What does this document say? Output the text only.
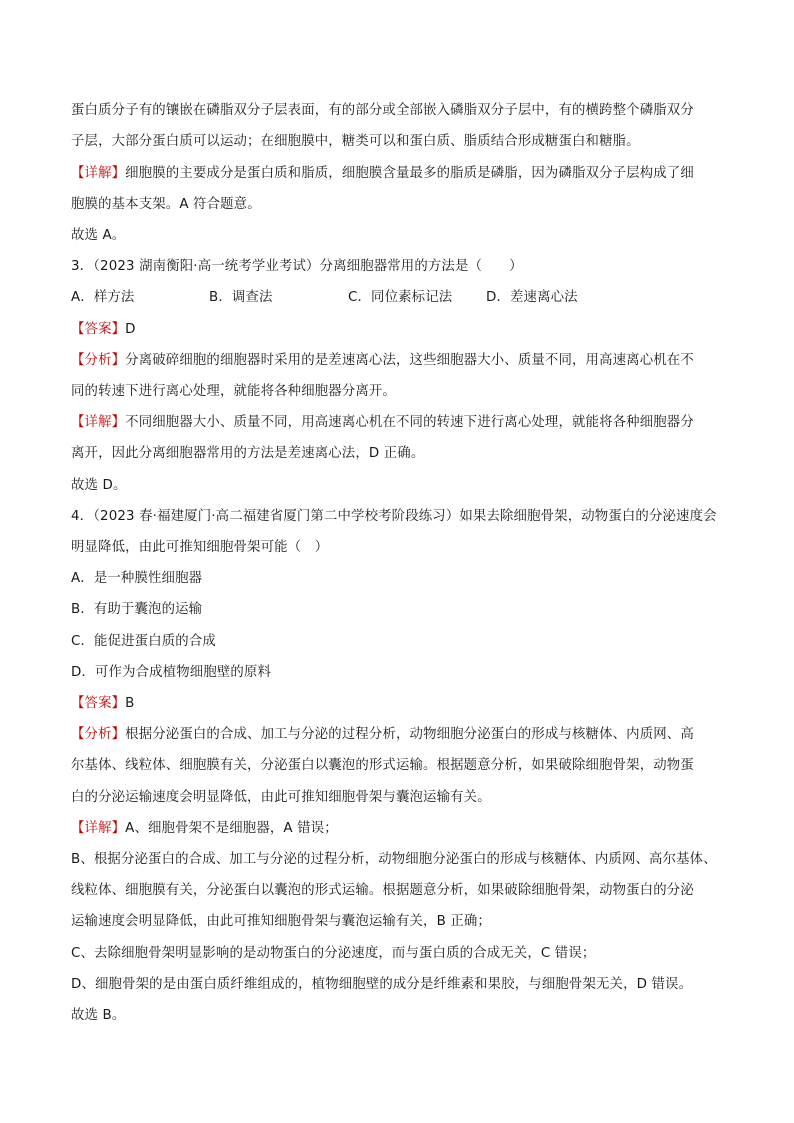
蛋白质分子有的镶嵌在磷脂双分子层表面，有的部分或全部嵌入磷脂双分子层中，有的横跨整个磷脂双分
子层，大部分蛋白质可以运动；在细胞膜中，糖类可以和蛋白质、脂质结合形成糖蛋白和糖脂。
【详解】细胞膜的主要成分是蛋白质和脂质，细胞膜含量最多的脂质是磷脂，因为磷脂双分子层构成了细
胞膜的基本支架。A 符合题意。
故选 A。
3．（2023 湖南衡阳·高一统考学业考试）分离细胞器常用的方法是（　　）
A．样方法	B．调查法	C．同位素标记法	D．差速离心法
【答案】D
【分析】分离破碎细胞的细胞器时采用的是差速离心法，这些细胞器大小、质量不同，用高速离心机在不
同的转速下进行离心处理，就能将各种细胞器分离开。
【详解】不同细胞器大小、质量不同，用高速离心机在不同的转速下进行离心处理，就能将各种细胞器分
离开，因此分离细胞器常用的方法是差速离心法，D 正确。
故选 D。
4．（2023 春·福建厦门·高二福建省厦门第二中学校考阶段练习）如果去除细胞骨架，动物蛋白的分泌速度会
明显降低，由此可推知细胞骨架可能（　）
A．是一种膜性细胞器
B．有助于囊泡的运输
C．能促进蛋白质的合成
D．可作为合成植物细胞壁的原料
【答案】B
【分析】根据分泌蛋白的合成、加工与分泌的过程分析，动物细胞分泌蛋白的形成与核糖体、内质网、高
尔基体、线粒体、细胞膜有关，分泌蛋白以囊泡的形式运输。根据题意分析，如果破除细胞骨架，动物蛋
白的分泌运输速度会明显降低，由此可推知细胞骨架与囊泡运输有关。
【详解】A、细胞骨架不是细胞器，A 错误；
B、根据分泌蛋白的合成、加工与分泌的过程分析，动物细胞分泌蛋白的形成与核糖体、内质网、高尔基体、
线粒体、细胞膜有关，分泌蛋白以囊泡的形式运输。根据题意分析，如果破除细胞骨架，动物蛋白的分泌
运输速度会明显降低，由此可推知细胞骨架与囊泡运输有关，B 正确；
C、去除细胞骨架明显影响的是动物蛋白的分泌速度，而与蛋白质的合成无关，C 错误；
D、细胞骨架的是由蛋白质纤维组成的，植物细胞壁的成分是纤维素和果胶，与细胞骨架无关，D 错误。
故选 B。
